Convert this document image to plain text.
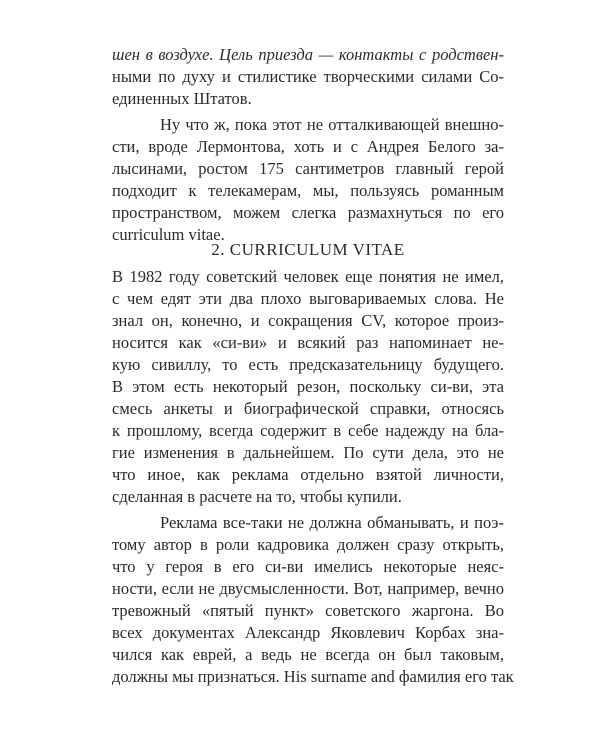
шен в воздухе. Цель приезда — контакты с родствен-
ными по духу и стилистике творческими силами Со-
единенных Штатов.
Ну что ж, пока этот не отталкивающей внешно-
сти, вроде Лермонтова, хоть и с Андрея Белого за-
лысинами, ростом 175 сантиметров главный герой
подходит к телекамерам, мы, пользуясь романным
пространством, можем слегка размахнуться по его
curriculum vitae.
2. CURRICULUM VITAE
В 1982 году советский человек еще понятия не имел,
с чем едят эти два плохо выговариваемых слова. Не
знал он, конечно, и сокращения CV, которое произ-
носится как «си-ви» и всякий раз напоминает не-
кую сивиллу, то есть предсказательницу будущего.
В этом есть некоторый резон, поскольку си-ви, эта
смесь анкеты и биографической справки, относясь
к прошлому, всегда содержит в себе надежду на бла-
гие изменения в дальнейшем. По сути дела, это не
что иное, как реклама отдельно взятой личности,
сделанная в расчете на то, чтобы купили.
Реклама все-таки не должна обманывать, и поэ-
тому автор в роли кадровика должен сразу открыть,
что у героя в его си-ви имелись некоторые неяс-
ности, если не двусмысленности. Вот, например, вечно
тревожный «пятый пункт» советского жаргона. Во
всех документах Александр Яковлевич Корбах зна-
чился как еврей, а ведь не всегда он был таковым,
должны мы признаться. His surname and фамилия его так
